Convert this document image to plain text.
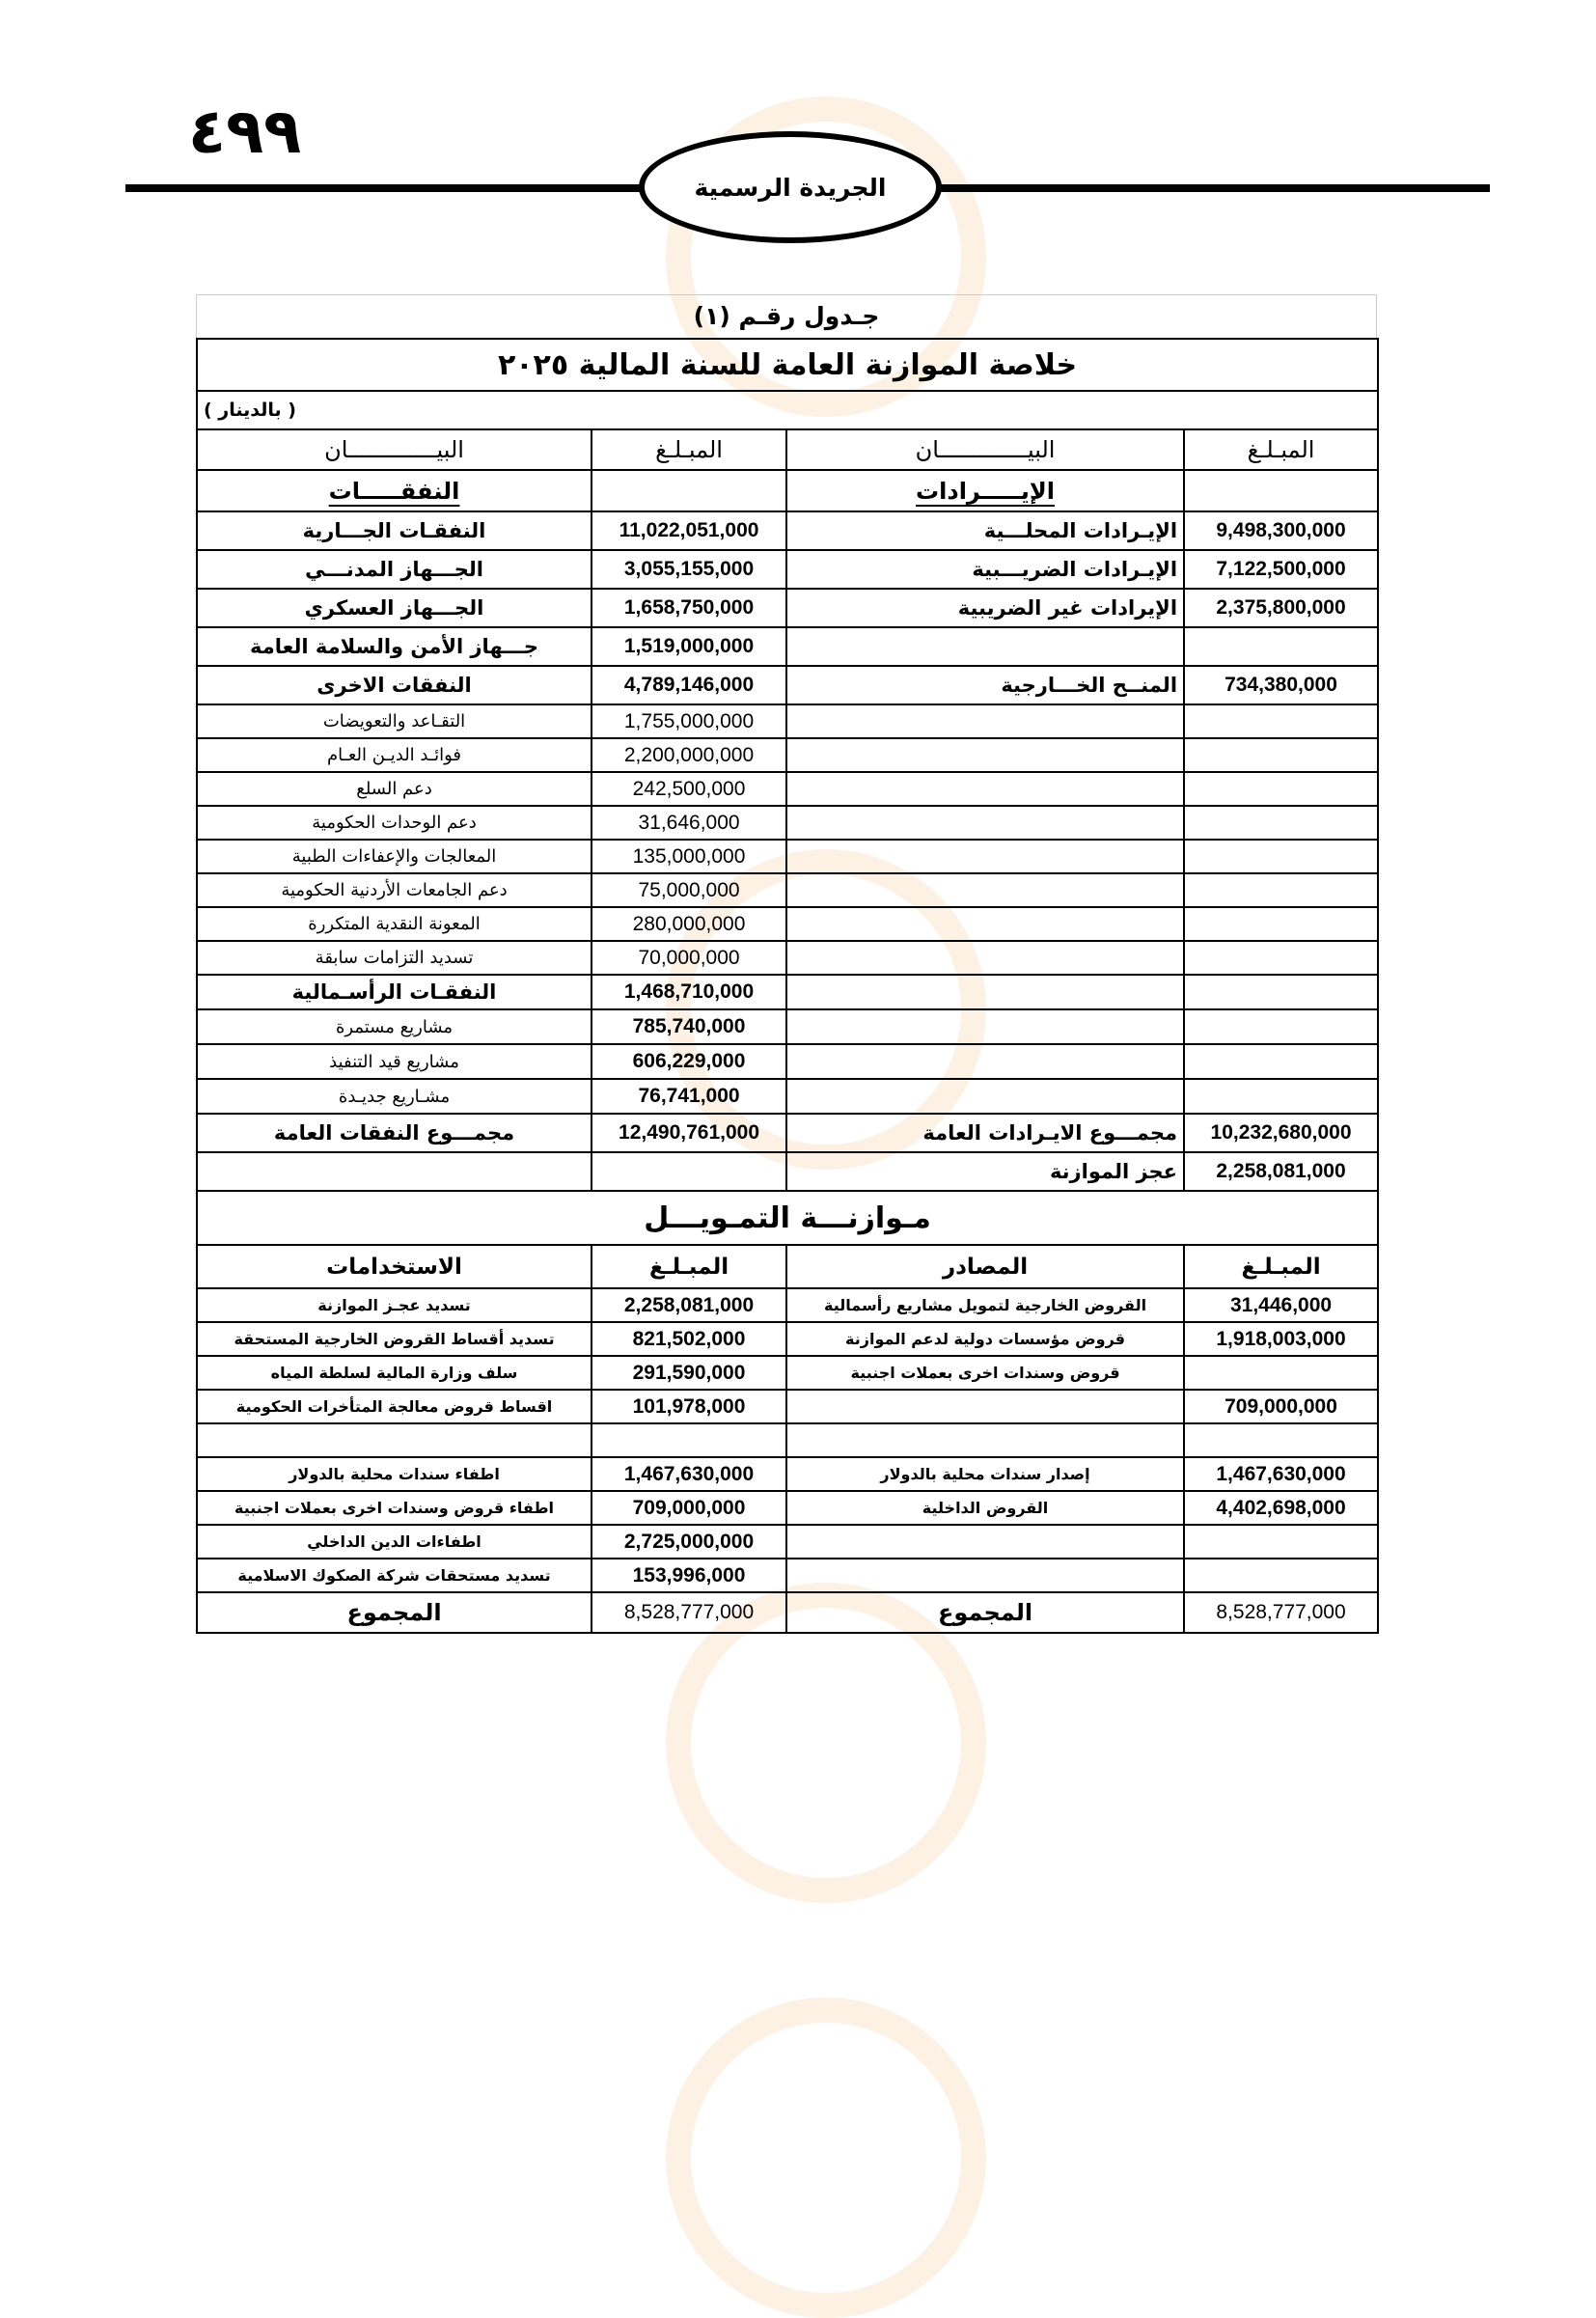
٤٩٩
الجريدة الرسمية
جـدول رقـم (١)
خلاصة الموازنة العامة للسنة المالية ٢٠٢٥			
( بالدينار )			
المبـلـغ	البيـــــــــــــان	المبـلـغ	البيـــــــــــــان
	الإيـــــرادات		النفقـــــات
9,498,300,000	الإيـرادات المحلـــية	11,022,051,000	النفقـات الجـــارية
7,122,500,000	الإيـرادات الضريـــبية	3,055,155,000	الجـــهاز المدنـــي
2,375,800,000	الإيرادات غير الضريبية	1,658,750,000	الجـــهاز العسكري
		1,519,000,000	جـــهاز الأمن والسلامة العامة
734,380,000	المنــح الخـــارجية	4,789,146,000	النفقات الاخرى
		1,755,000,000	التقـاعد والتعويضات
		2,200,000,000	فوائـد الديـن العـام
		242,500,000	دعم السلع
		31,646,000	دعم الوحدات الحكومية
		135,000,000	المعالجات والإعفاءات الطبية
		75,000,000	دعم الجامعات الأردنية الحكومية
		280,000,000	المعونة النقدية المتكررة
		70,000,000	تسديد التزامات سابقة
		1,468,710,000	النفقـات الرأسـمالية
		785,740,000	مشاريع مستمرة
		606,229,000	مشاريع قيد التنفيذ
		76,741,000	مشـاريع جديـدة
10,232,680,000	مجمـــوع الايـرادات العامة	12,490,761,000	مجمـــوع النفقات العامة
2,258,081,000	عجز الموازنة		
مـوازنـــة التمـويـــل			
المبـلـغ	المصادر	المبـلـغ	الاستخدامات
31,446,000	القروض الخارجية لتمويل مشاريع رأسمالية	2,258,081,000	تسديد عجـز الموازنة
1,918,003,000	قروض مؤسسات دولية لدعم الموازنة	821,502,000	تسديد أقساط القروض الخارجية المستحقة
	قروض وسندات اخرى بعملات اجنبية	291,590,000	سلف وزارة المالية لسلطة المياه
709,000,000		101,978,000	اقساط قروض معالجة المتأخرات الحكومية

1,467,630,000	إصدار سندات محلية بالدولار	1,467,630,000	اطفاء سندات محلية بالدولار
4,402,698,000	القروض الداخلية	709,000,000	اطفاء قروض وسندات اخرى بعملات اجنبية
		2,725,000,000	اطفاءات الدين الداخلي
		153,996,000	تسديد مستحقات شركة الصكوك الاسلامية
8,528,777,000	المجموع	8,528,777,000	المجموع
